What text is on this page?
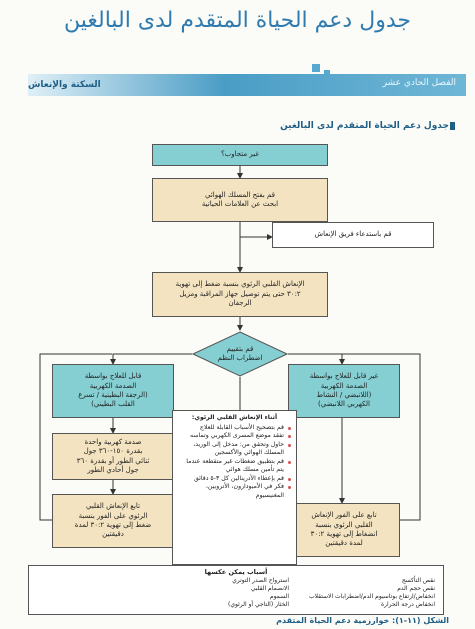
جدول دعم الحياة المتقدم لدى البالغين
الفصل الحادي عشر
السكتة والإنعاش
جدول دعم الحياة المتقدم لدى البالغين
غير متجاوب؟
قم بفتح المسلك الهوائي
ابحث عن العلامات الحياتية
قم باستدعاء فريق الإنعاش
الإنعاش القلبي الرئوي بنسبة ضغط إلى تهوية
٣٠:٢ حتى يتم توصيل جهاز المراقبة ومزيل
الرجفان
قم بتقييم
اضطراب النظم
قابل للعلاج بواسطة
الصدمة الكهربية
(الرجفة البطينية / تسرع
القلب البطيني)
غير قابل للعلاج بواسطة
الصدمة الكهربية
(اللانبضي / النشاط
الكهربي اللانبضي)
صدمة كهربية واحدة
بقدرة ١٥٠-٣٦٠ جول
ثنائي الطور أو بقدرة ٣٦٠
جول أحادي الطور
تابع الإنعاش القلبي
الرئوي على الفور بنسبة
ضغط إلى تهوية ٣٠:٢ لمدة
دقيقتين
تابع على الفور الإنعاش
القلبي الرئوي بنسبة
انضغاط إلى تهوية ٣٠:٢
لمدة دقيقتين
أثناء الإنعاش القلبي الرئوي:
قم بتصحيح الأسباب القابلة للعلاج
تفقد موضع المسرى الكهربي وتماسه
حاول وتحقق من: مدخل إلى الوريد، المسلك الهوائي والأكسجين
قم بتطبيق ضغطات غير متقطعة عندما يتم تأمين مسلك هوائي
قم بإعطاء الأدرينالين كل ٣-٥ دقائق
فكر في الأميودارون، الأتروبين، المغنيسيوم
أسباب يمكن عكسها
نقص التأكسج
نقص حجم الدم
انخفاض/ارتفاع بوتاسيوم الدم/اضطرابات الاستقلاب
انخفاض درجة الحرارة
استرواح الصدر التوتري
الانصمام القلبي
السموم
الخثار (التاجي أو الرئوي)
الشكل (١١-١): خوارزمية دعم الحياة المتقدم
